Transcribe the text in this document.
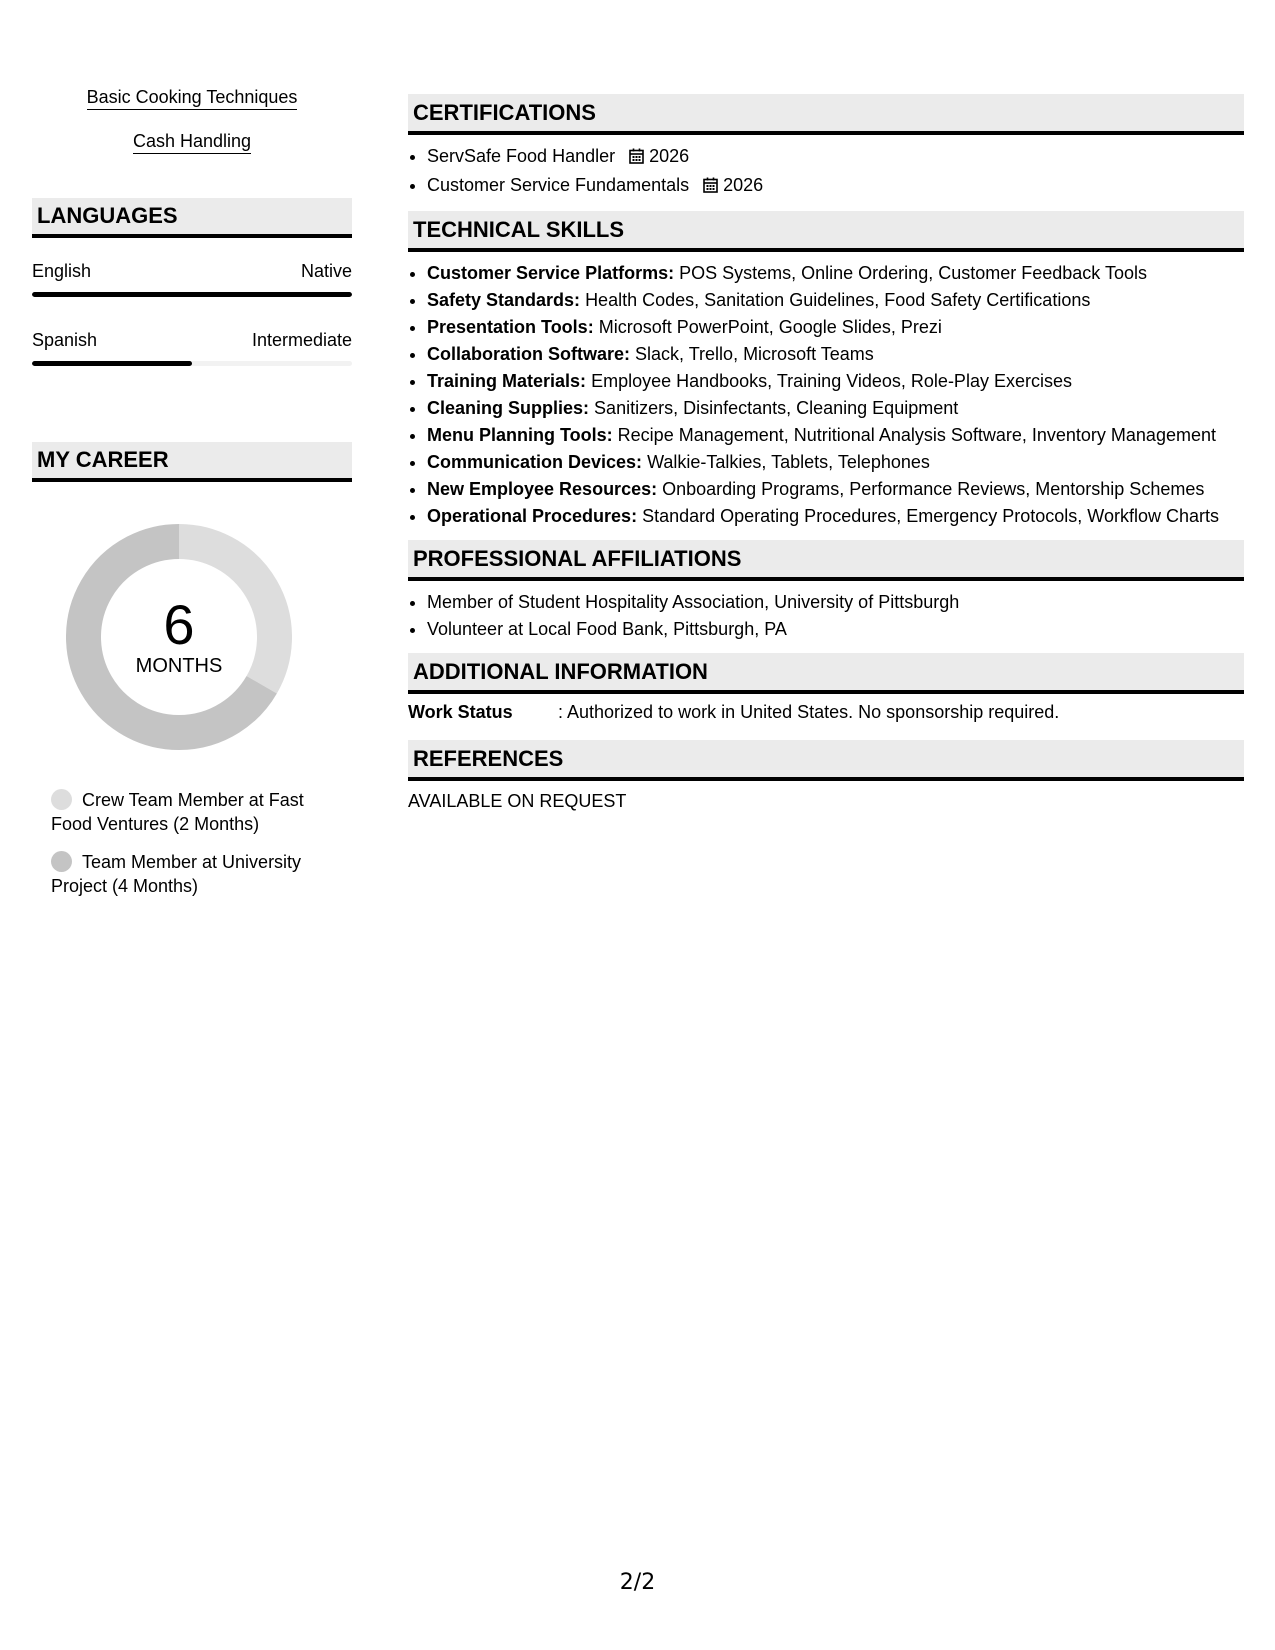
Basic Cooking Techniques
Cash Handling
LANGUAGES
English	Native
Spanish	Intermediate
MY CAREER
6
MONTHS
Crew Team Member at Fast Food Ventures (2 Months)
Team Member at University Project (4 Months)
CERTIFICATIONS
• ServSafe Food Handler 2026
• Customer Service Fundamentals 2026
TECHNICAL SKILLS
• Customer Service Platforms: POS Systems, Online Ordering, Customer Feedback Tools
• Safety Standards: Health Codes, Sanitation Guidelines, Food Safety Certifications
• Presentation Tools: Microsoft PowerPoint, Google Slides, Prezi
• Collaboration Software: Slack, Trello, Microsoft Teams
• Training Materials: Employee Handbooks, Training Videos, Role-Play Exercises
• Cleaning Supplies: Sanitizers, Disinfectants, Cleaning Equipment
• Menu Planning Tools: Recipe Management, Nutritional Analysis Software, Inventory Management
• Communication Devices: Walkie-Talkies, Tablets, Telephones
• New Employee Resources: Onboarding Programs, Performance Reviews, Mentorship Schemes
• Operational Procedures: Standard Operating Procedures, Emergency Protocols, Workflow Charts
PROFESSIONAL AFFILIATIONS
• Member of Student Hospitality Association, University of Pittsburgh
• Volunteer at Local Food Bank, Pittsburgh, PA
ADDITIONAL INFORMATION
Work Status	: Authorized to work in United States. No sponsorship required.
REFERENCES
AVAILABLE ON REQUEST
2/2
